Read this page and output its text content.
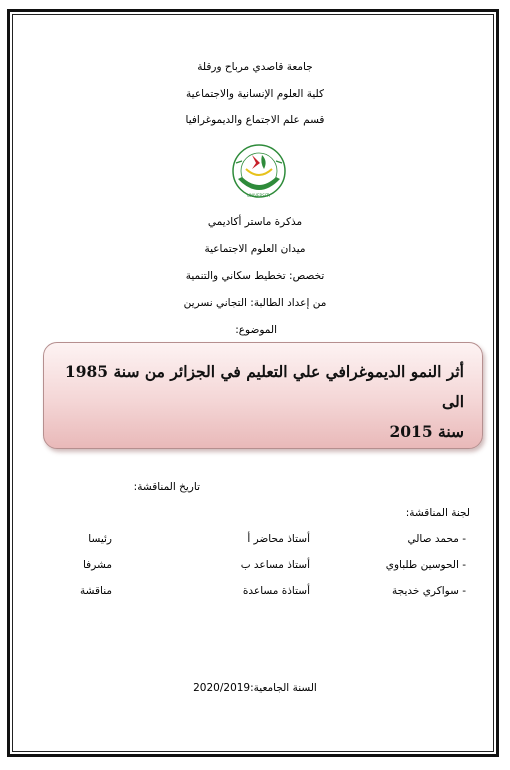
جامعة قاصدي مرباح ورقلة
كلية العلوم الإنسانية والاجتماعية
قسم علم الاجتماع والديموغرافيا
UNIVERSITY
مذكرة ماستر أكاديمي
ميدان العلوم الاجتماعية
تخصص: تخطيط سكاني والتنمية
من إعداد الطالبة: التجاني نسرين
الموضوع:
أثر النمو الديموغرافي علي التعليم في الجزائر من سنة 1985 الى
سنة 2015
تاريخ المناقشة:
لجنة المناقشة:
- محمد صالي
أستاذ محاضر أ
رئيسا
- الحوسين طلباوي
أستاذ مساعد ب
مشرفا
- سواكري خديجة
أستاذة مساعدة
مناقشة
السنة الجامعية:2020/2019
